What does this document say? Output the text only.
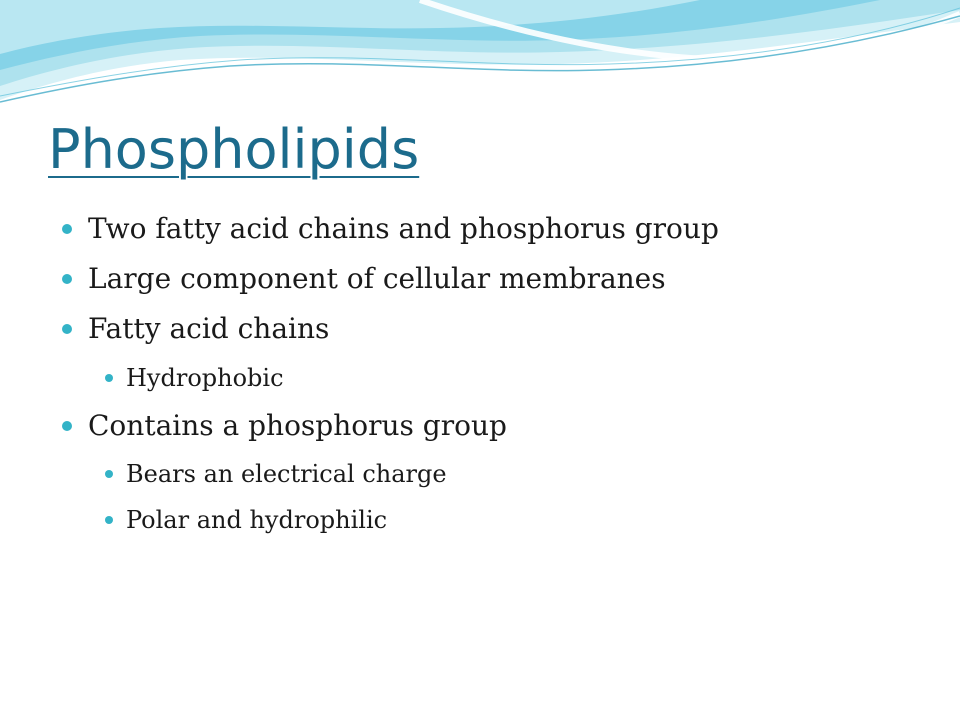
Phospholipids
Two fatty acid chains and phosphorus group
Large component of cellular membranes
Fatty acid chains
Hydrophobic
Contains a phosphorus group
Bears an electrical charge
Polar and hydrophilic
